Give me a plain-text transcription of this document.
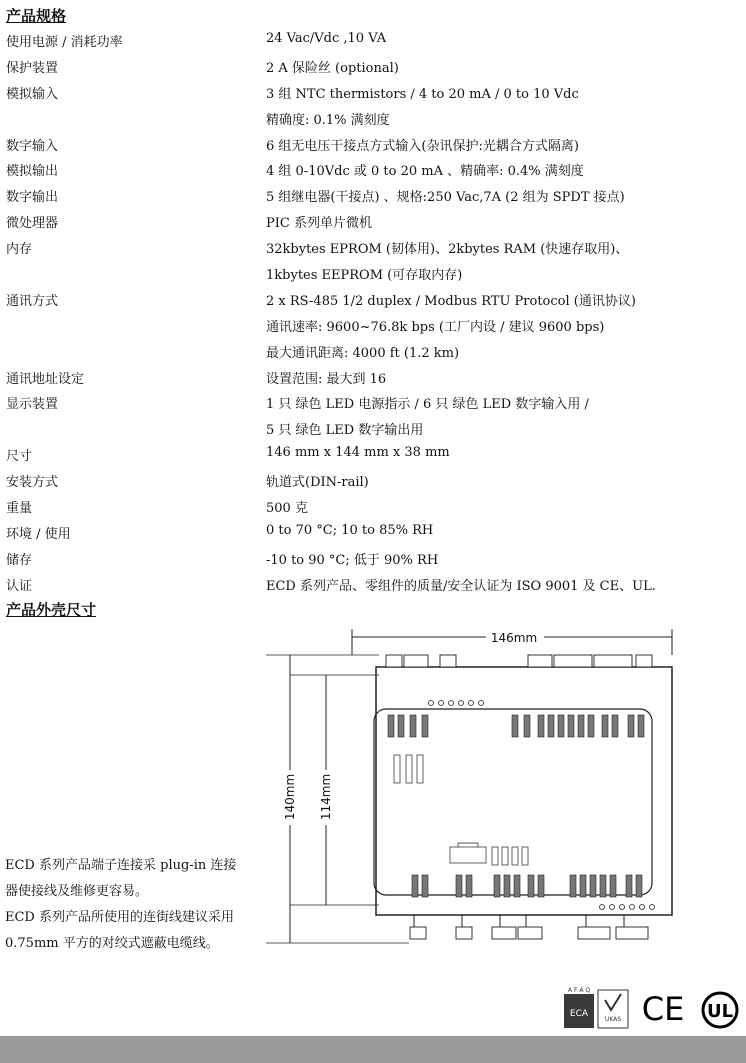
产品规格
使用电源 / 消耗功率	24 Vac/Vdc ,10 VA
保护装置	2 A 保险丝 (optional)
模拟输入	3 组 NTC thermistors / 4 to 20 mA / 0 to 10 Vdc
精确度: 0.1% 满刻度
数字输入	6 组无电压干接点方式输入(杂讯保护:光耦合方式隔离)
模拟输出	4 组 0-10Vdc 或 0 to 20 mA 、精确率: 0.4% 满刻度
数字输出	5 组继电器(干接点) 、规格:250 Vac,7A (2 组为 SPDT 接点)
微处理器	PIC 系列单片微机
内存	32kbytes EPROM (韧体用)、2kbytes RAM (快速存取用)、
1kbytes EEPROM (可存取内存)
通讯方式	2 x RS-485 1/2 duplex / Modbus RTU Protocol (通讯协议)
通讯速率: 9600~76.8k bps (工厂内设 / 建议 9600 bps)
最大通讯距离: 4000 ft (1.2 km)
通讯地址设定	设置范围: 最大到 16
显示装置	1 只 绿色 LED 电源指示 / 6 只 绿色 LED 数字输入用 /
5 只 绿色 LED 数字输出用
尺寸	146 mm x 144 mm x 38 mm
安装方式	轨道式(DIN-rail)
重量	500 克
环境 / 使用	0 to 70 °C; 10 to 85% RH
储存	-10 to 90 °C; 低于 90% RH
认证	ECD 系列产品、零组件的质量/安全认证为 ISO 9001 及 CE、UL.
产品外壳尺寸
ECD 系列产品端子连接采 plug-in 连接
器使接线及维修更容易。
ECD 系列产品所使用的连街线建议采用
0.75mm 平方的对绞式遮蔽电缆线。
146mm
140mm 114mm
A F A Q
ECA
UKAS CE UL
